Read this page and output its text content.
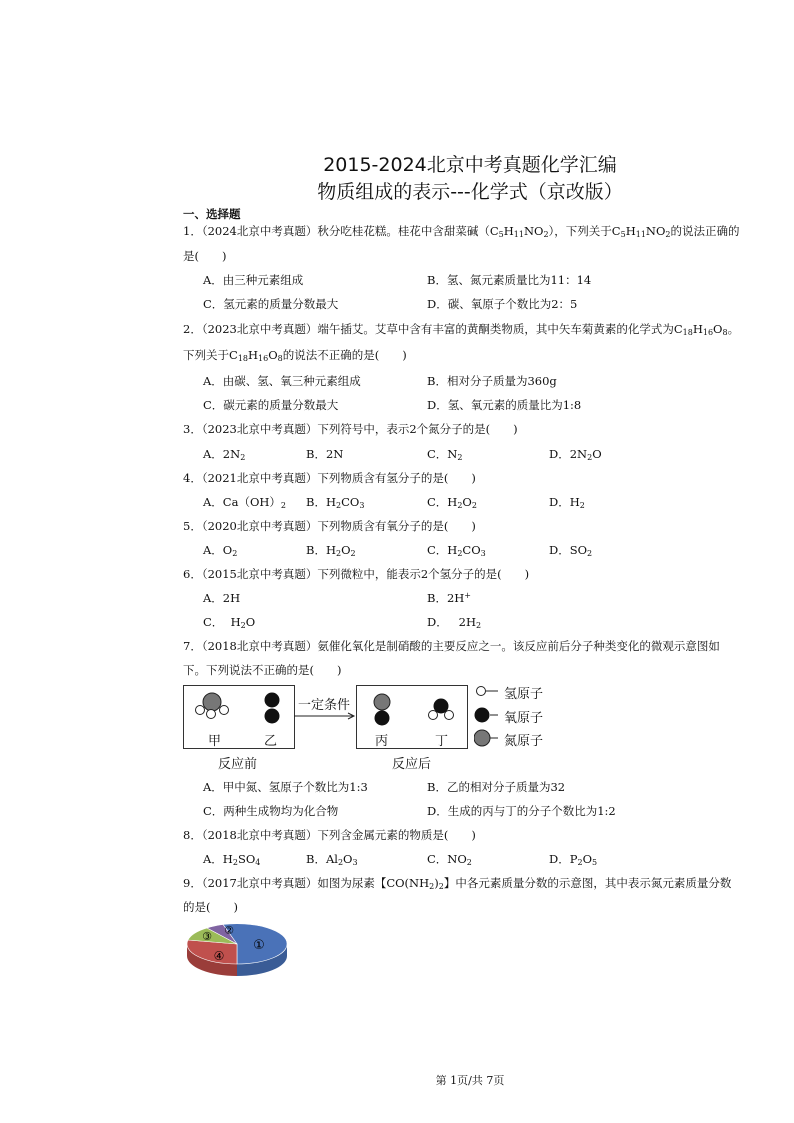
2015-2024北京中考真题化学汇编
物质组成的表示---化学式（京改版）
一、选择题
1．（2024北京中考真题）秋分吃桂花糕。桂花中含甜菜碱$(C_5H_{11}NO_2)$，下列关于$C_5H_{11}NO_2$的说法正确的
是(　　)
A．由三种元素组成	B．氢、氮元素质量比为11：14
C．氢元素的质量分数最大	D．碳、氧原子个数比为2：5
2．（2023北京中考真题）端午插艾。艾草中含有丰富的黄酮类物质，其中矢车菊黄素的化学式为$C_{18}H_{16}O_8$。
下列关于$C_{18}H_{16}O_8$的说法不正确的是(　　)
A．由碳、氢、氧三种元素组成	B．相对分子质量为360g
C．碳元素的质量分数最大	D．氢、氧元素的质量比为1:8
3．（2023北京中考真题）下列符号中，表示2个氮分子的是(　　)
A．$2N_2$	B．2N	C．$N_2$	D．$2N_2O$
4．（2021北京中考真题）下列物质含有氢分子的是(　　)
A．$Ca(OH)_2$ B．$H_2CO_3$	C．$H_2O_2$	D．$H_2$
5．（2020北京中考真题）下列物质含有氧分子的是(　　)
A．$O_2$	B．$H_2O_2$	C．$H_2CO_3$	D．$SO_2$
6．（2015北京中考真题）下列微粒中，能表示2个氢分子的是(　　)
A．2H	B．2H+
C．  $H_2O$	D．   $2H_2$
7．（2018北京中考真题）氨催化氧化是制硝酸的主要反应之一。该反应前后分子种类变化的微观示意图如
下。下列说法不正确的是(　　)
甲	乙
一定条件
丙	丁
反应前	反应后
氢原子
氧原子
氮原子
A．甲中氮、氢原子个数比为1:3	B．乙的相对分子质量为32
C．两种生成物均为化合物	D．生成的丙与丁的分子个数比为1:2
8．（2018北京中考真题）下列含金属元素的物质是(　　)
A．$H_2SO_4$	B．$Al_2O_3$	C．$NO_2$	D．$P_2O_5$
9．（2017北京中考真题）如图为尿素【$CO(NH_2)_2$】中各元素质量分数的示意图，其中表示氮元素质量分数
的是(　　)
①
②
③
④
第 1页/共 7页
